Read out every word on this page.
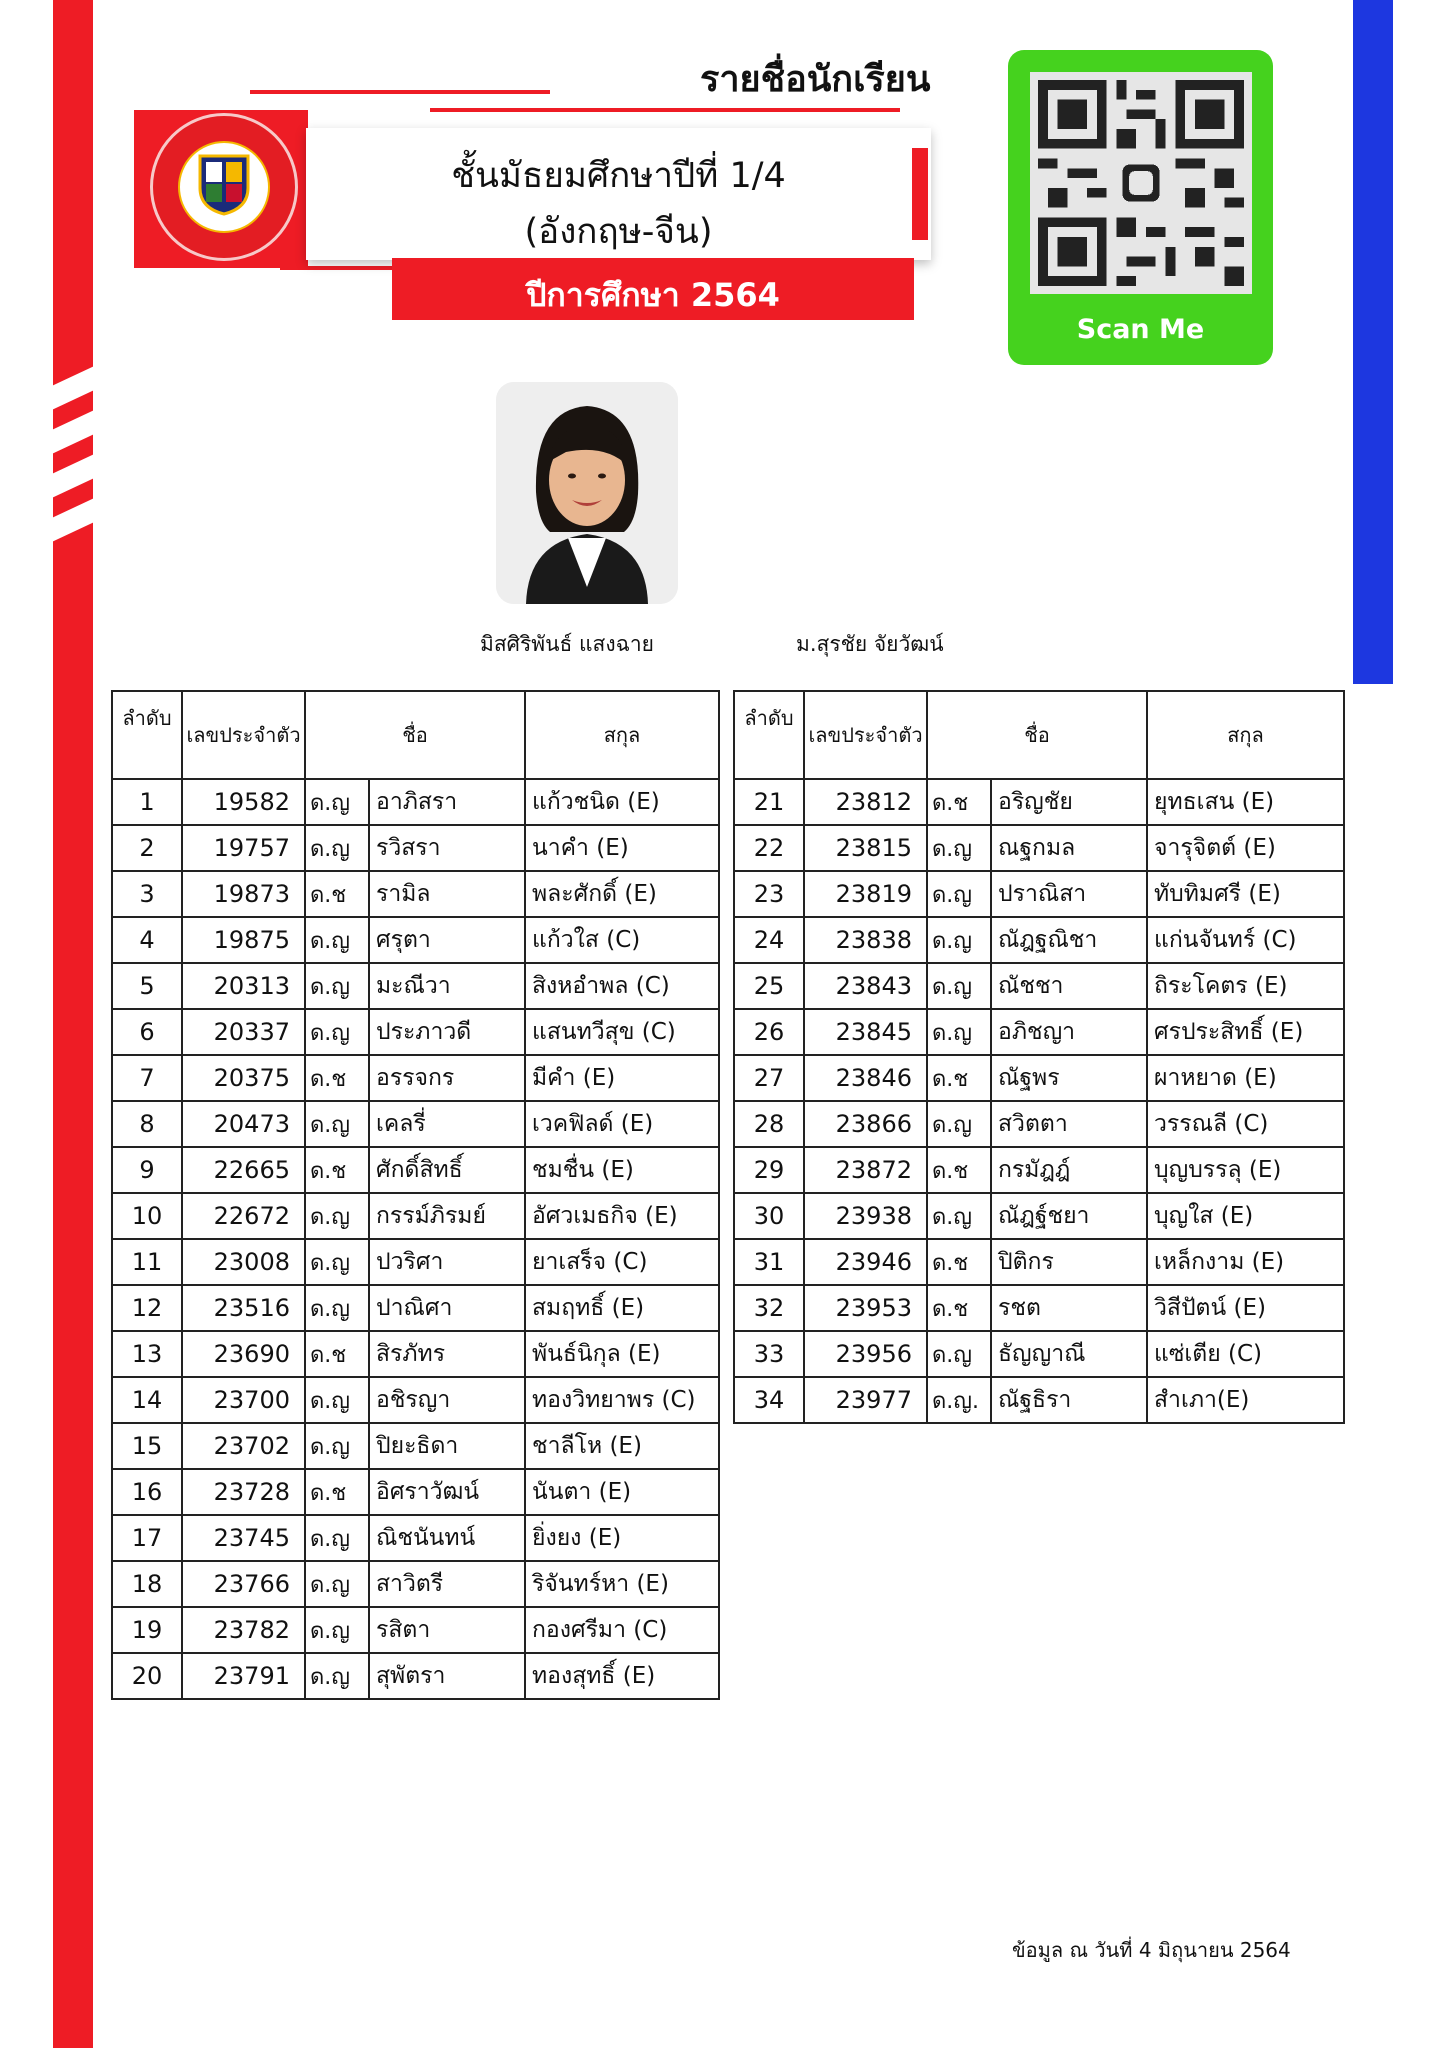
รายชื่อนักเรียน
ชั้นมัธยมศึกษาปีที่ 1/4
(อังกฤษ-จีน)
ปีการศึกษา 2564
Scan Me
มิสศิริพันธ์ แสงฉาย	ม.สุรชัย จัยวัฒน์
ลำดับ	เลขประจำตัว	ชื่อ		สกุล
1	19582	ด.ญ	อาภิสรา	แก้วชนิด (E)
2	19757	ด.ญ	รวิสรา	นาคำ (E)
3	19873	ด.ช	รามิล	พละศักดิ์ (E)
4	19875	ด.ญ	ศรุตา	แก้วใส (C)
5	20313	ด.ญ	มะณีวา	สิงหอำพล (C)
6	20337	ด.ญ	ประภาวดี	แสนทวีสุข (C)
7	20375	ด.ช	อรรจกร	มีคำ (E)
8	20473	ด.ญ	เคลรี่	เวคฟิลด์ (E)
9	22665	ด.ช	ศักดิ์สิทธิ์	ชมชื่น (E)
10	22672	ด.ญ	กรรม์ภิรมย์	อัศวเมธกิจ (E)
11	23008	ด.ญ	ปวริศา	ยาเสร็จ (C)
12	23516	ด.ญ	ปาณิศา	สมฤทธิ์ (E)
13	23690	ด.ช	สิรภัทร	พันธ์นิกุล (E)
14	23700	ด.ญ	อชิรญา	ทองวิทยาพร (C)
15	23702	ด.ญ	ปิยะธิดา	ชาลีโห (E)
16	23728	ด.ช	อิศราวัฒน์	นันตา (E)
17	23745	ด.ญ	ณิชนันทน์	ยิ่งยง (E)
18	23766	ด.ญ	สาวิตรี	ริจันทร์หา (E)
19	23782	ด.ญ	รสิตา	กองศรีมา (C)
20	23791	ด.ญ	สุพัตรา	ทองสุทธิ์ (E)
ลำดับ	เลขประจำตัว	ชื่อ		สกุล
21	23812	ด.ช	อริญชัย	ยุทธเสน (E)
22	23815	ด.ญ	ณฐกมล	จารุจิตต์ (E)
23	23819	ด.ญ	ปราณิสา	ทับทิมศรี (E)
24	23838	ด.ญ	ณัฎฐณิชา	แก่นจันทร์ (C)
25	23843	ด.ญ	ณัชชา	ถิระโคตร (E)
26	23845	ด.ญ	อภิชญา	ศรประสิทธิ์ (E)
27	23846	ด.ช	ณัฐพร	ผาหยาด (E)
28	23866	ด.ญ	สวิตตา	วรรณลี (C)
29	23872	ด.ช	กรมัฎฎ์	บุญบรรลุ (E)
30	23938	ด.ญ	ณัฎฐ์ชยา	บุญใส (E)
31	23946	ด.ช	ปิติกร	เหล็กงาม (E)
32	23953	ด.ช	รชต	วิสีปัตน์ (E)
33	23956	ด.ญ	ธัญญาณี	แซ่เตีย (C)
34	23977	ด.ญ.	ณัฐธิรา	สำเภา(E)
ข้อมูล ณ วันที่ 4 มิถุนายน 2564
